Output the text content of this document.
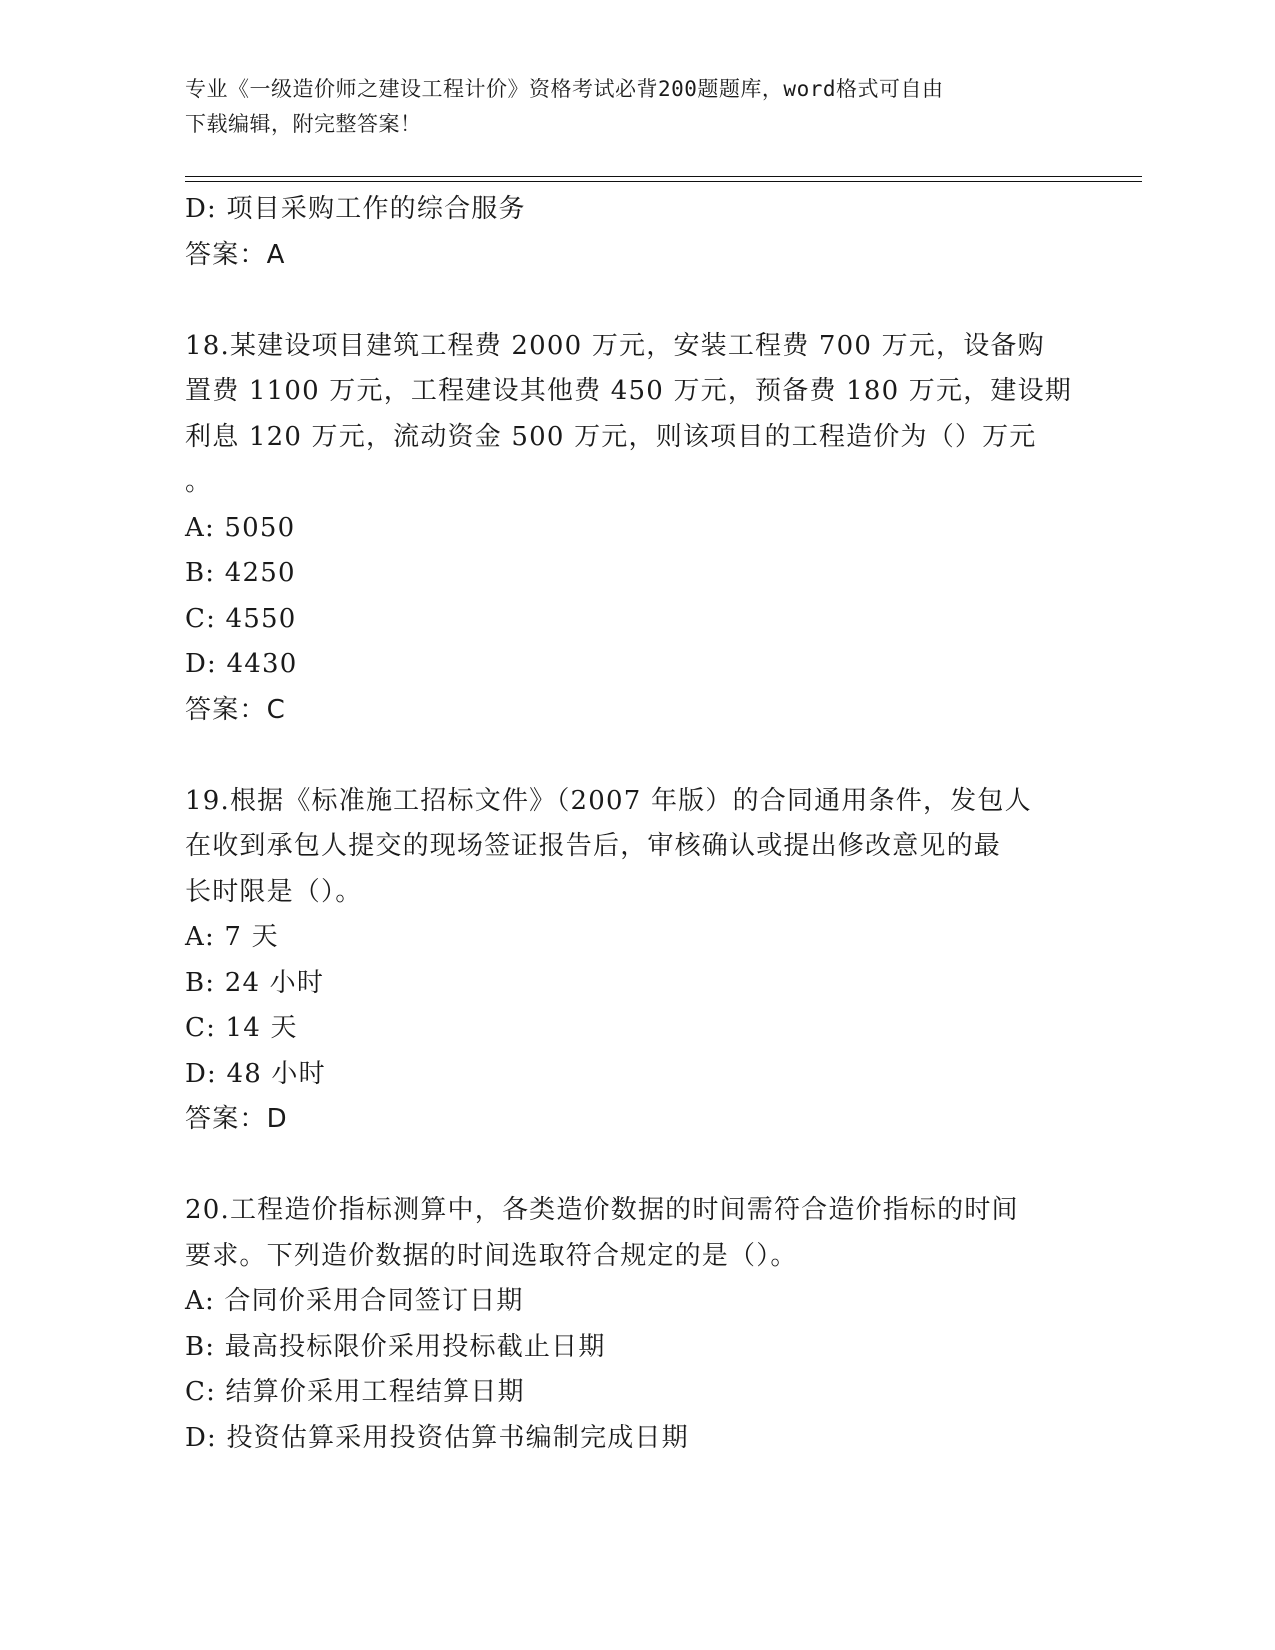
专业《一级造价师之建设工程计价》资格考试必背200题题库，word格式可自由
下载编辑，附完整答案！
D: 项目采购工作的综合服务
答案：A
18.某建设项目建筑工程费 2000 万元，安装工程费 700 万元，设备购
置费 1100 万元，工程建设其他费 450 万元，预备费 180 万元，建设期
利息 120 万元，流动资金 500 万元，则该项目的工程造价为（）万元
。
A: 5050
B: 4250
C: 4550
D: 4430
答案：C
19.根据《标准施工招标文件》（2007 年版）的合同通用条件，发包人
在收到承包人提交的现场签证报告后，审核确认或提出修改意见的最
长时限是（）。
A: 7 天
B: 24 小时
C: 14 天
D: 48 小时
答案：D
20.工程造价指标测算中，各类造价数据的时间需符合造价指标的时间
要求。下列造价数据的时间选取符合规定的是（）。
A: 合同价采用合同签订日期
B: 最高投标限价采用投标截止日期
C: 结算价采用工程结算日期
D: 投资估算采用投资估算书编制完成日期
